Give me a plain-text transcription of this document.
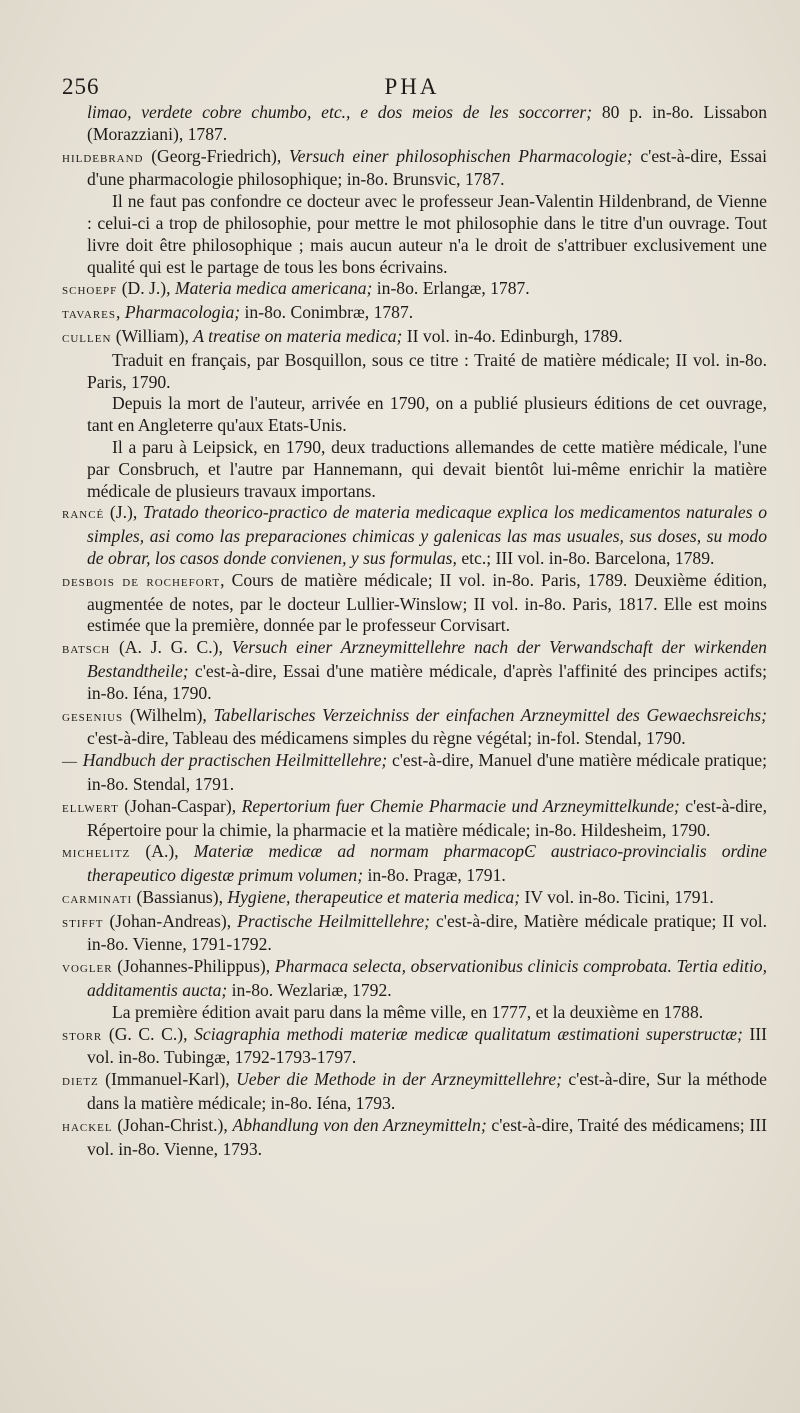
256	PHA

limao, verdete cobre chumbo, etc., e dos meios de les soccorrer; 80 p. in-8o. Lissabon (Morazziani), 1787.

hildebrand (Georg-Friedrich), Versuch einer philosophischen Pharmacologie; c'est-à-dire, Essai d'une pharmacologie philosophique; in-8o. Brunsvic, 1787.

Il ne faut pas confondre ce docteur avec le professeur Jean-Valentin Hildenbrand, de Vienne : celui-ci a trop de philosophie, pour mettre le mot philosophie dans le titre d'un ouvrage. Tout livre doit être philosophique ; mais aucun auteur n'a le droit de s'attribuer exclusivement une qualité qui est le partage de tous les bons écrivains.

schoepf (D. J.), Materia medica americana; in-8o. Erlangæ, 1787.

tavares, Pharmacologia; in-8o. Conimbræ, 1787.

cullen (William), A treatise on materia medica; II vol. in-4o. Edinburgh, 1789.

Traduit en français, par Bosquillon, sous ce titre : Traité de matière médicale; II vol. in-8o. Paris, 1790.

Depuis la mort de l'auteur, arrivée en 1790, on a publié plusieurs éditions de cet ouvrage, tant en Angleterre qu'aux Etats-Unis.

Il a paru à Leipsick, en 1790, deux traductions allemandes de cette matière médicale, l'une par Consbruch, et l'autre par Hannemann, qui devait bientôt lui-même enrichir la matière médicale de plusieurs travaux importans.

rancé (J.), Tratado theorico-practico de materia medicaque explica los medicamentos naturales o simples, asi como las preparaciones chimicas y galenicas las mas usuales, sus doses, su modo de obrar, los casos donde convienen, y sus formulas, etc.; III vol. in-8o. Barcelona, 1789.

desbois de rochefort, Cours de matière médicale; II vol. in-8o. Paris, 1789. Deuxième édition, augmentée de notes, par le docteur Lullier-Winslow; II vol. in-8o. Paris, 1817. Elle est moins estimée que la première, donnée par le professeur Corvisart.

batsch (A. J. G. C.), Versuch einer Arzneymittellehre nach der Verwandschaft der wirkenden Bestandtheile; c'est-à-dire, Essai d'une matière médicale, d'après l'affinité des principes actifs; in-8o. Iéna, 1790.

gesenius (Wilhelm), Tabellarisches Verzeichniss der einfachen Arzneymittel des Gewaechsreichs; c'est-à-dire, Tableau des médicamens simples du règne végétal; in-fol. Stendal, 1790.

— Handbuch der practischen Heilmittellehre; c'est-à-dire, Manuel d'une matière médicale pratique; in-8o. Stendal, 1791.

ellwert (Johan-Caspar), Repertorium fuer Chemie Pharmacie und Arzneymittelkunde; c'est-à-dire, Répertoire pour la chimie, la pharmacie et la matière médicale; in-8o. Hildesheim, 1790.

michelitz (A.), Materiæ medicæ ad normam pharmacopϾ austriaco-provincialis ordine therapeutico digestæ primum volumen; in-8o. Pragæ, 1791.

carminati (Bassianus), Hygiene, therapeutice et materia medica; IV vol. in-8o. Ticini, 1791.

stifft (Johan-Andreas), Practische Heilmittellehre; c'est-à-dire, Matière médicale pratique; II vol. in-8o. Vienne, 1791-1792.

vogler (Johannes-Philippus), Pharmaca selecta, observationibus clinicis comprobata. Tertia editio, additamentis aucta; in-8o. Wezlariæ, 1792.

La première édition avait paru dans la même ville, en 1777, et la deuxième en 1788.

storr (G. C. C.), Sciagraphia methodi materiæ medicæ qualitatum æstimationi superstructæ; III vol. in-8o. Tubingæ, 1792-1793-1797.

dietz (Immanuel-Karl), Ueber die Methode in der Arzneymittellehre; c'est-à-dire, Sur la méthode dans la matière médicale; in-8o. Iéna, 1793.

hackel (Johan-Christ.), Abhandlung von den Arzneymitteln; c'est-à-dire, Traité des médicamens; III vol. in-8o. Vienne, 1793.
